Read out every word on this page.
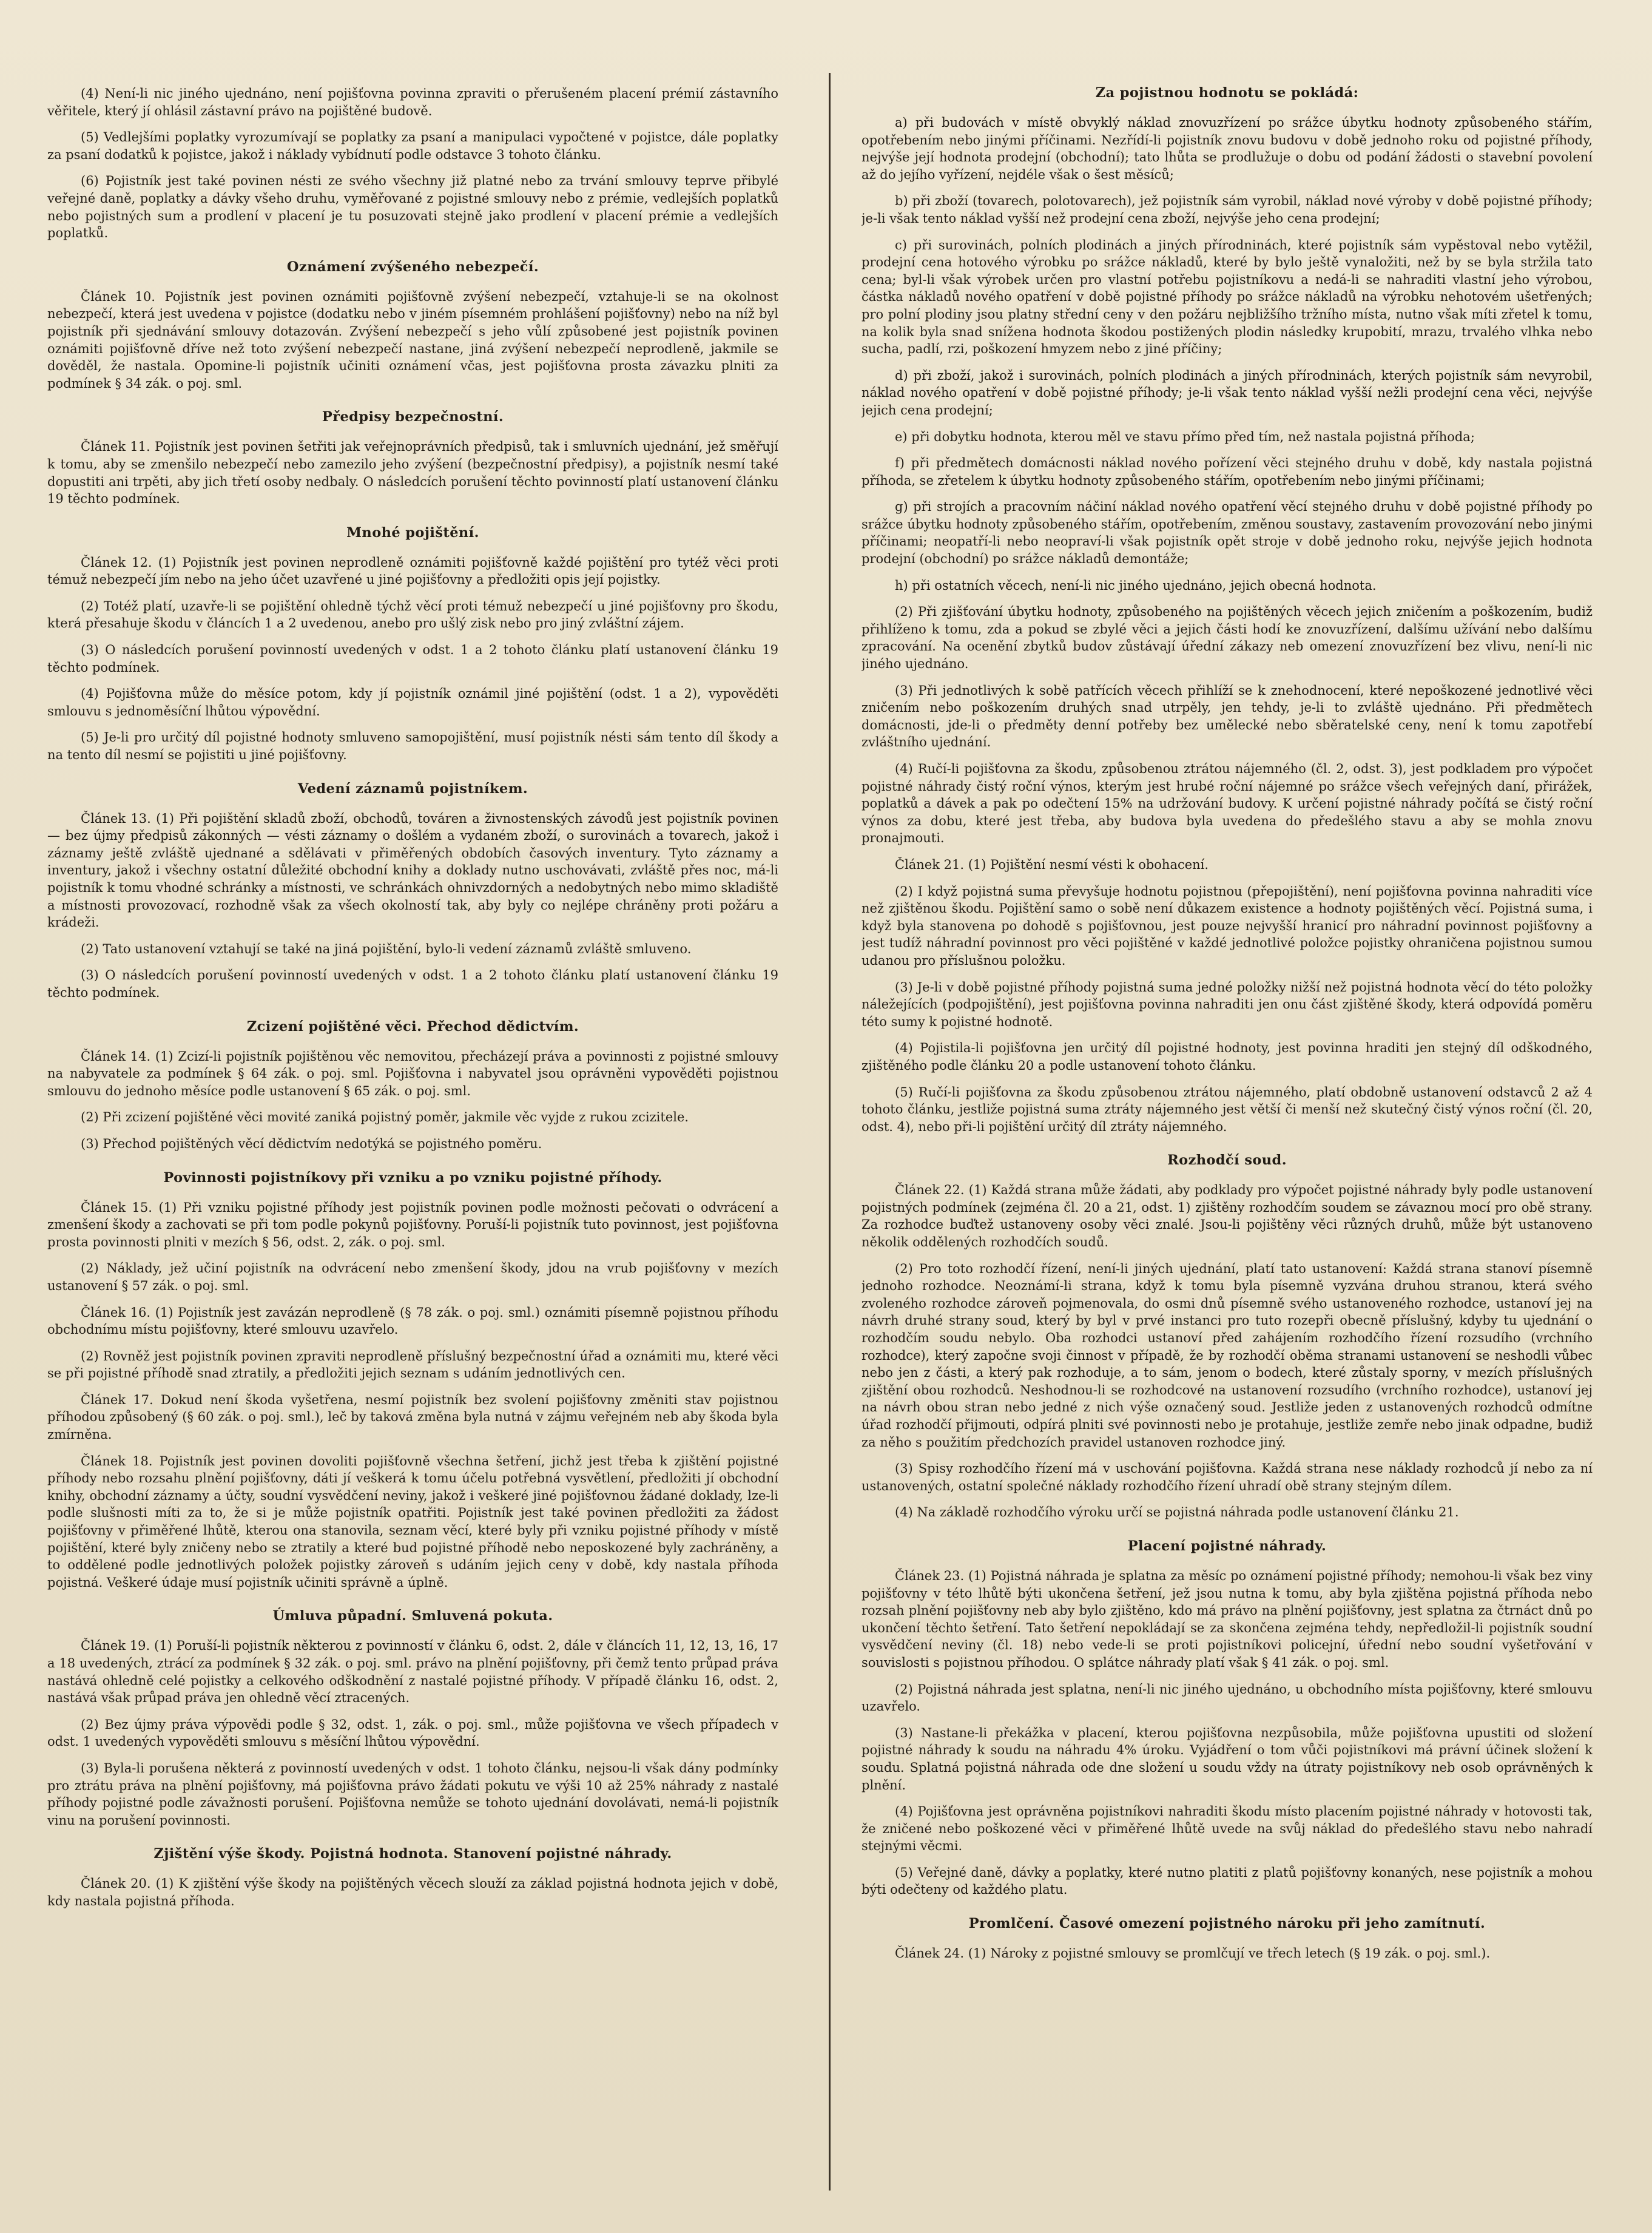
(4) Není-li nic jiného ujednáno, není pojišťovna povinna zpraviti o přerušeném placení prémií zástavního věřitele, který jí ohlásil zástavní právo na pojištěné budově.

(5) Vedlejšími poplatky vyrozumívají se poplatky za psaní a manipulaci vypočtené v pojistce, dále poplatky za psaní dodatků k pojistce, jakož i náklady vybídnutí podle odstavce 3 tohoto článku.

(6) Pojistník jest také povinen nésti ze svého všechny již platné nebo za trvání smlouvy teprve přibylé veřejné daně, poplatky a dávky všeho druhu, vyměřované z pojistné smlouvy nebo z prémie, vedlejších poplatků nebo pojistných sum a prodlení v placení je tu posuzovati stejně jako prodlení v placení prémie a vedlejších poplatků.

Oznámení zvýšeného nebezpečí.

Článek 10. Pojistník jest povinen oznámiti pojišťovně zvýšení nebezpečí, vztahuje-li se na okolnost nebezpečí, která jest uvedena v pojistce (dodatku nebo v jiném písemném prohlášení pojišťovny) nebo na níž byl pojistník při sjednávání smlouvy dotazován. Zvýšení nebezpečí s jeho vůlí způsobené jest pojistník povinen oznámiti pojišťovně dříve než toto zvýšení nebezpečí nastane, jiná zvýšení nebezpečí neprodleně, jakmile se dověděl, že nastala. Opomine-li pojistník učiniti oznámení včas, jest pojišťovna prosta závazku plniti za podmínek § 34 zák. o poj. sml.

Předpisy bezpečnostní.

Článek 11. Pojistník jest povinen šetřiti jak veřejnoprávních předpisů, tak i smluvních ujednání, jež směřují k tomu, aby se zmenšilo nebezpečí nebo zamezilo jeho zvýšení (bezpečnostní předpisy), a pojistník nesmí také dopustiti ani trpěti, aby jich třetí osoby nedbaly. O následcích porušení těchto povinností platí ustanovení článku 19 těchto podmínek.

Mnohé pojištění.

Článek 12. (1) Pojistník jest povinen neprodleně oznámiti pojišťovně každé pojištění pro tytéž věci proti témuž nebezpečí jím nebo na jeho účet uzavřené u jiné pojišťovny a předložiti opis její pojistky.

(2) Totéž platí, uzavře-li se pojištění ohledně týchž věcí proti témuž nebezpečí u jiné pojišťovny pro škodu, která přesahuje škodu v článcích 1 a 2 uvedenou, anebo pro ušlý zisk nebo pro jiný zvláštní zájem.

(3) O následcích porušení povinností uvedených v odst. 1 a 2 tohoto článku platí ustanovení článku 19 těchto podmínek.

(4) Pojišťovna může do měsíce potom, kdy jí pojistník oznámil jiné pojištění (odst. 1 a 2), vypověděti smlouvu s jednoměsíční lhůtou výpovědní.

(5) Je-li pro určitý díl pojistné hodnoty smluveno samopojištění, musí pojistník nésti sám tento díl škody a na tento díl nesmí se pojistiti u jiné pojišťovny.

Vedení záznamů pojistníkem.

Článek 13. (1) Při pojištění skladů zboží, obchodů, továren a živnostenských závodů jest pojistník povinen — bez újmy předpisů zákonných — vésti záznamy o došlém a vydaném zboží, o surovinách a tovarech, jakož i záznamy ještě zvláště ujednané a sdělávati v přiměřených obdobích časových inventury. Tyto záznamy a inventury, jakož i všechny ostatní důležité obchodní knihy a doklady nutno uschovávati, zvláště přes noc, má-li pojistník k tomu vhodné schránky a místnosti, ve schránkách ohnivzdorných a nedobytných nebo mimo skladiště a místnosti provozovací, rozhodně však za všech okolností tak, aby byly co nejlépe chráněny proti požáru a krádeži.

(2) Tato ustanovení vztahují se také na jiná pojištění, bylo-li vedení záznamů zvláště smluveno.

(3) O následcích porušení povinností uvedených v odst. 1 a 2 tohoto článku platí ustanovení článku 19 těchto podmínek.

Zcizení pojištěné věci. Přechod dědictvím.

Článek 14. (1) Zcizí-li pojistník pojištěnou věc nemovitou, přecházejí práva a povinnosti z pojistné smlouvy na nabyvatele za podmínek § 64 zák. o poj. sml. Pojišťovna i nabyvatel jsou oprávněni vypověděti pojistnou smlouvu do jednoho měsíce podle ustanovení § 65 zák. o poj. sml.

(2) Při zcizení pojištěné věci movité zaniká pojistný poměr, jakmile věc vyjde z rukou zcizitele.

(3) Přechod pojištěných věcí dědictvím nedotýká se pojistného poměru.

Povinnosti pojistníkovy při vzniku a po vzniku pojistné příhody.

Článek 15. (1) Při vzniku pojistné příhody jest pojistník povinen podle možnosti pečovati o odvrácení a zmenšení škody a zachovati se při tom podle pokynů pojišťovny. Poruší-li pojistník tuto povinnost, jest pojišťovna prosta povinnosti plniti v mezích § 56, odst. 2, zák. o poj. sml.

(2) Náklady, jež učiní pojistník na odvrácení nebo zmenšení škody, jdou na vrub pojišťovny v mezích ustanovení § 57 zák. o poj. sml.

Článek 16. (1) Pojistník jest zavázán neprodleně (§ 78 zák. o poj. sml.) oznámiti písemně pojistnou příhodu obchodnímu místu pojišťovny, které smlouvu uzavřelo.

(2) Rovněž jest pojistník povinen zpraviti neprodleně příslušný bezpečnostní úřad a oznámiti mu, které věci se při pojistné příhodě snad ztratily, a předložiti jejich seznam s udáním jednotlivých cen.

Článek 17. Dokud není škoda vyšetřena, nesmí pojistník bez svolení pojišťovny změniti stav pojistnou příhodou způsobený (§ 60 zák. o poj. sml.), leč by taková změna byla nutná v zájmu veřejném neb aby škoda byla zmírněna.

Článek 18. Pojistník jest povinen dovoliti pojišťovně všechna šetření, jichž jest třeba k zjištění pojistné příhody nebo rozsahu plnění pojišťovny, dáti jí veškerá k tomu účelu potřebná vysvětlení, předložiti jí obchodní knihy, obchodní záznamy a účty, soudní vysvědčení neviny, jakož i veškeré jiné pojišťovnou žádané doklady, lze-li podle slušnosti míti za to, že si je může pojistník opatřiti. Pojistník jest také povinen předložiti za žádost pojišťovny v přiměřené lhůtě, kterou ona stanovila, seznam věcí, které byly při vzniku pojistné příhody v místě pojištění, které byly zničeny nebo se ztratily a které bud pojistné příhodě nebo neposkozené byly zachráněny, a to oddělené podle jednotlivých položek pojistky zároveň s udáním jejich ceny v době, kdy nastala příhoda pojistná. Veškeré údaje musí pojistník učiniti správně a úplně.

Úmluva půpadní. Smluvená pokuta.

Článek 19. (1) Poruší-li pojistník některou z povinností v článku 6, odst. 2, dále v článcích 11, 12, 13, 16, 17 a 18 uvedených, ztrácí za podmínek § 32 zák. o poj. sml. právo na plnění pojišťovny, při čemž tento průpad práva nastává ohledně celé pojistky a celkového odškodnění z nastalé pojistné příhody. V případě článku 16, odst. 2, nastává však průpad práva jen ohledně věcí ztracených.

(2) Bez újmy práva výpovědi podle § 32, odst. 1, zák. o poj. sml., může pojišťovna ve všech případech v odst. 1 uvedených vypověděti smlouvu s měsíční lhůtou výpovědní.

(3) Byla-li porušena některá z povinností uvedených v odst. 1 tohoto článku, nejsou-li však dány podmínky pro ztrátu práva na plnění pojišťovny, má pojišťovna právo žádati pokutu ve výši 10 až 25% náhrady z nastalé příhody pojistné podle závažnosti porušení. Pojišťovna nemůže se tohoto ujednání dovolávati, nemá-li pojistník vinu na porušení povinnosti.

Zjištění výše škody. Pojistná hodnota. Stanovení pojistné náhrady.

Článek 20. (1) K zjištění výše škody na pojištěných věcech slouží za základ pojistná hodnota jejich v době, kdy nastala pojistná příhoda.

Za pojistnou hodnotu se pokládá:

a) při budovách v místě obvyklý náklad znovuzřízení po srážce úbytku hodnoty způsobeného stářím, opotřebením nebo jinými příčinami. Nezřídí-li pojistník znovu budovu v době jednoho roku od pojistné příhody, nejvýše její hodnota prodejní (obchodní); tato lhůta se prodlužuje o dobu od podání žádosti o stavební povolení až do jejího vyřízení, nejdéle však o šest měsíců;

b) při zboží (tovarech, polotovarech), jež pojistník sám vyrobil, náklad nové výroby v době pojistné příhody; je-li však tento náklad vyšší než prodejní cena zboží, nejvýše jeho cena prodejní;

c) při surovinách, polních plodinách a jiných přírodninách, které pojistník sám vypěstoval nebo vytěžil, prodejní cena hotového výrobku po srážce nákladů, které by bylo ještě vynaložiti, než by se byla stržila tato cena; byl-li však výrobek určen pro vlastní potřebu pojistníkovu a nedá-li se nahraditi vlastní jeho výrobou, částka nákladů nového opatření v době pojistné příhody po srážce nákladů na výrobku nehotovém ušetřených; pro polní plodiny jsou platny střední ceny v den požáru nejbližšího tržního místa, nutno však míti zřetel k tomu, na kolik byla snad snížena hodnota škodou postižených plodin následky krupobití, mrazu, trvalého vlhka nebo sucha, padlí, rzi, poškození hmyzem nebo z jiné příčiny;

d) při zboží, jakož i surovinách, polních plodinách a jiných přírodninách, kterých pojistník sám nevyrobil, náklad nového opatření v době pojistné příhody; je-li však tento náklad vyšší nežli prodejní cena věci, nejvýše jejich cena prodejní;

e) při dobytku hodnota, kterou měl ve stavu přímo před tím, než nastala pojistná příhoda;

f) při předmětech domácnosti náklad nového pořízení věci stejného druhu v době, kdy nastala pojistná příhoda, se zřetelem k úbytku hodnoty způsobeného stářím, opotřebením nebo jinými příčinami;

g) při strojích a pracovním náčiní náklad nového opatření věcí stejného druhu v době pojistné příhody po srážce úbytku hodnoty způsobeného stářím, opotřebením, změnou soustavy, zastavením provozování nebo jinými příčinami; neopatří-li nebo neopraví-li však pojistník opět stroje v době jednoho roku, nejvýše jejich hodnota prodejní (obchodní) po srážce nákladů demontáže;

h) při ostatních věcech, není-li nic jiného ujednáno, jejich obecná hodnota.

(2) Při zjišťování úbytku hodnoty, způsobeného na pojištěných věcech jejich zničením a poškozením, budiž přihlíženo k tomu, zda a pokud se zbylé věci a jejich části hodí ke znovuzřízení, dalšímu užívání nebo dalšímu zpracování. Na ocenění zbytků budov zůstávají úřední zákazy neb omezení znovuzřízení bez vlivu, není-li nic jiného ujednáno.

(3) Při jednotlivých k sobě patřících věcech přihlíží se k znehodnocení, které nepoškozené jednotlivé věci zničením nebo poškozením druhých snad utrpěly, jen tehdy, je-li to zvláště ujednáno. Při předmětech domácnosti, jde-li o předměty denní potřeby bez umělecké nebo sběratelské ceny, není k tomu zapotřebí zvláštního ujednání.

(4) Ručí-li pojišťovna za škodu, způsobenou ztrátou nájemného (čl. 2, odst. 3), jest podkladem pro výpočet pojistné náhrady čistý roční výnos, kterým jest hrubé roční nájemné po srážce všech veřejných daní, přirážek, poplatků a dávek a pak po odečtení 15% na udržování budovy. K určení pojistné náhrady počítá se čistý roční výnos za dobu, které jest třeba, aby budova byla uvedena do předešlého stavu a aby se mohla znovu pronajmouti.

Článek 21. (1) Pojištění nesmí vésti k obohacení.

(2) I když pojistná suma převyšuje hodnotu pojistnou (přepojištění), není pojišťovna povinna nahraditi více než zjištěnou škodu. Pojištění samo o sobě není důkazem existence a hodnoty pojištěných věcí. Pojistná suma, i když byla stanovena po dohodě s pojišťovnou, jest pouze nejvyšší hranicí pro náhradní povinnost pojišťovny a jest tudíž náhradní povinnost pro věci pojištěné v každé jednotlivé položce pojistky ohraničena pojistnou sumou udanou pro příslušnou položku.

(3) Je-li v době pojistné příhody pojistná suma jedné položky nižší než pojistná hodnota věcí do této položky náležejících (podpojištění), jest pojišťovna povinna nahraditi jen onu část zjištěné škody, která odpovídá poměru této sumy k pojistné hodnotě.

(4) Pojistila-li pojišťovna jen určitý díl pojistné hodnoty, jest povinna hraditi jen stejný díl odškodného, zjištěného podle článku 20 a podle ustanovení tohoto článku.

(5) Ručí-li pojišťovna za škodu způsobenou ztrátou nájemného, platí obdobně ustanovení odstavců 2 až 4 tohoto článku, jestliže pojistná suma ztráty nájemného jest větší či menší než skutečný čistý výnos roční (čl. 20, odst. 4), nebo při-li pojištění určitý díl ztráty nájemného.

Rozhodčí soud.

Článek 22. (1) Každá strana může žádati, aby podklady pro výpočet pojistné náhrady byly podle ustanovení pojistných podmínek (zejména čl. 20 a 21, odst. 1) zjištěny rozhodčím soudem se závaznou mocí pro obě strany. Za rozhodce buďtež ustanoveny osoby věci znalé. Jsou-li pojištěny věci různých druhů, může být ustanoveno několik oddělených rozhodčích soudů.

(2) Pro toto rozhodčí řízení, není-li jiných ujednání, platí tato ustanovení: Každá strana stanoví písemně jednoho rozhodce. Neoznámí-li strana, když k tomu byla písemně vyzvána druhou stranou, která svého zvoleného rozhodce zároveň pojmenovala, do osmi dnů písemně svého ustanoveného rozhodce, ustanoví jej na návrh druhé strany soud, který by byl v prvé instanci pro tuto rozepři obecně příslušný, kdyby tu ujednání o rozhodčím soudu nebylo. Oba rozhodci ustanoví před zahájením rozhodčího řízení rozsudího (vrchního rozhodce), který započne svoji činnost v případě, že by rozhodčí oběma stranami ustanovení se neshodli vůbec nebo jen z části, a který pak rozhoduje, a to sám, jenom o bodech, které zůstaly sporny, v mezích příslušných zjištění obou rozhodců. Neshodnou-li se rozhodcové na ustanovení rozsudího (vrchního rozhodce), ustanoví jej na návrh obou stran nebo jedné z nich výše označený soud. Jestliže jeden z ustanovených rozhodců odmítne úřad rozhodčí přijmouti, odpírá plniti své povinnosti nebo je protahuje, jestliže zemře nebo jinak odpadne, budiž za něho s použitím předchozích pravidel ustanoven rozhodce jiný.

(3) Spisy rozhodčího řízení má v uschování pojišťovna. Každá strana nese náklady rozhodců jí nebo za ní ustanovených, ostatní společné náklady rozhodčího řízení uhradí obě strany stejným dílem.

(4) Na základě rozhodčího výroku určí se pojistná náhrada podle ustanovení článku 21.

Placení pojistné náhrady.

Článek 23. (1) Pojistná náhrada je splatna za měsíc po oznámení pojistné příhody; nemohou-li však bez viny pojišťovny v této lhůtě býti ukončena šetření, jež jsou nutna k tomu, aby byla zjištěna pojistná příhoda nebo rozsah plnění pojišťovny neb aby bylo zjištěno, kdo má právo na plnění pojišťovny, jest splatna za čtrnáct dnů po ukončení těchto šetření. Tato šetření nepokládají se za skončena zejména tehdy, nepředložil-li pojistník soudní vysvědčení neviny (čl. 18) nebo vede-li se proti pojistníkovi policejní, úřední nebo soudní vyšetřování v souvislosti s pojistnou příhodou. O splátce náhrady platí však § 41 zák. o poj. sml.

(2) Pojistná náhrada jest splatna, není-li nic jiného ujednáno, u obchodního místa pojišťovny, které smlouvu uzavřelo.

(3) Nastane-li překážka v placení, kterou pojišťovna nezpůsobila, může pojišťovna upustiti od složení pojistné náhrady k soudu na náhradu 4% úroku. Vyjádření o tom vůči pojistníkovi má právní účinek složení k soudu. Splatná pojistná náhrada ode dne složení u soudu vždy na útraty pojistníkovy neb osob oprávněných k plnění.

(4) Pojišťovna jest oprávněna pojistníkovi nahraditi škodu místo placením pojistné náhrady v hotovosti tak, že zničené nebo poškozené věci v přiměřené lhůtě uvede na svůj náklad do předešlého stavu nebo nahradí stejnými věcmi.

(5) Veřejné daně, dávky a poplatky, které nutno platiti z platů pojišťovny konaných, nese pojistník a mohou býti odečteny od každého platu.

Promlčení. Časové omezení pojistného nároku při jeho zamítnutí.

Článek 24. (1) Nároky z pojistné smlouvy se promlčují ve třech letech (§ 19 zák. o poj. sml.).
